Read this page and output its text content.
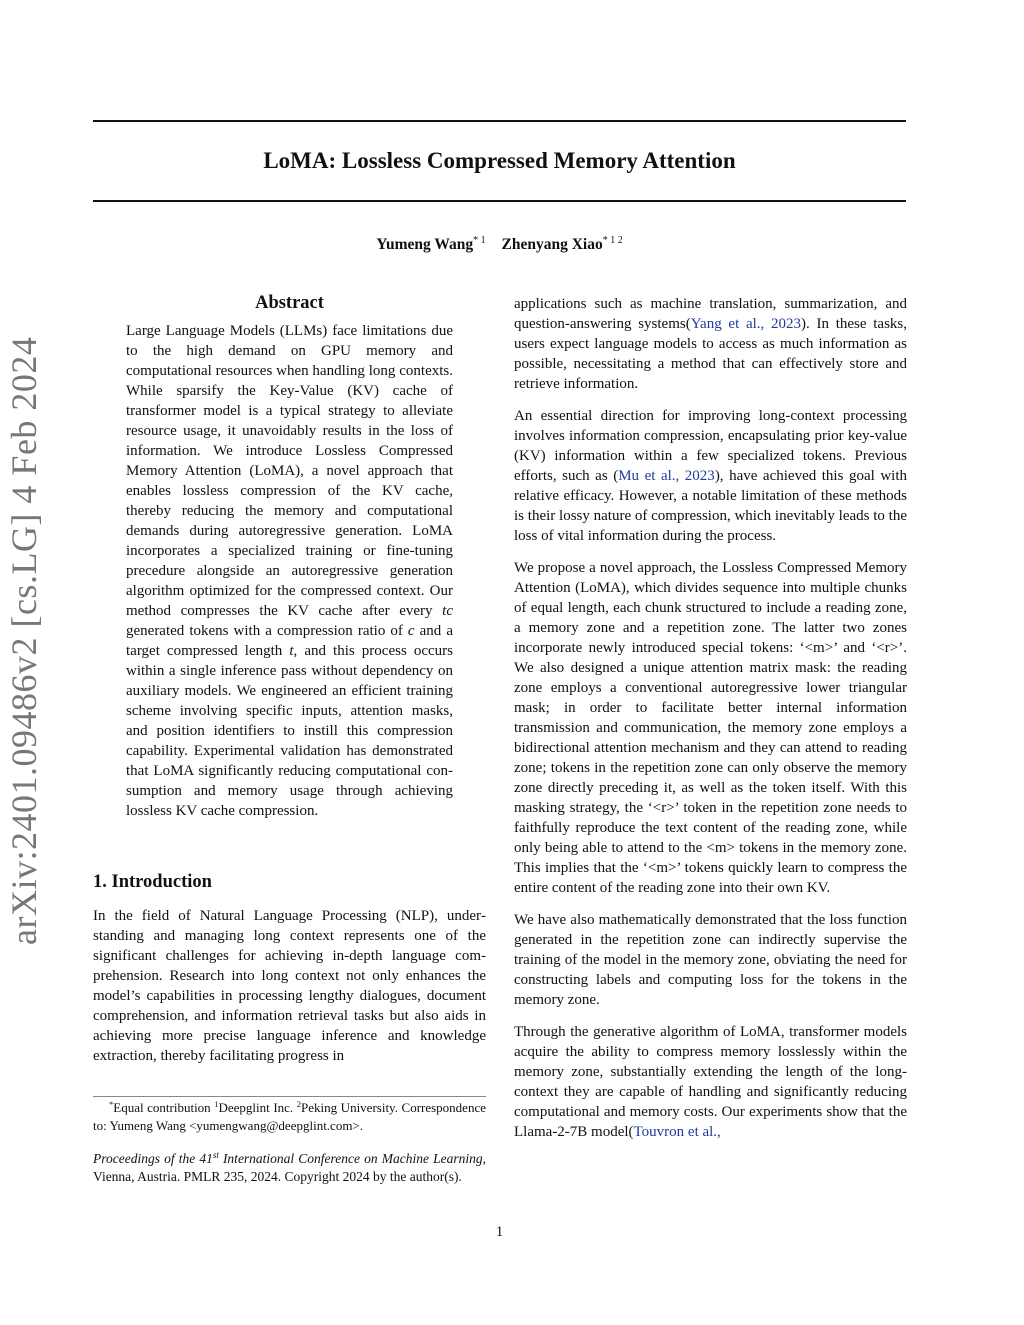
LoMA: Lossless Compressed Memory Attention
Yumeng Wang$^{* 1}$ Zhenyang Xiao$^{* 1 2}$
arXiv:2401.09486v2 [cs.LG] 4 Feb 2024
Abstract

Large Language Models (LLMs) face limitations due to the high demand on GPU memory and computational resources when handling long contexts. While sparsify the Key-Value (KV) cache of transformer model is a typical strategy to alleviate resource usage, it unavoidably results in the loss of information. We introduce Lossless Compressed Memory Attention (LoMA), a novel approach that enables lossless compression of the KV cache, thereby reducing the memory and computational demands during autoregressive generation. LoMA incorporates a specialized training or fine-tuning precedure alongside an autoregressive generation algorithm optimized for the compressed context. Our method compresses the KV cache after every tc generated tokens with a compression ratio of c and a target compressed length t, and this process occurs within a single inference pass without dependency on auxiliary models. We engineered an efficient training scheme involving specific inputs, attention masks, and position identifiers to instill this compression capability. Experimental validation has demonstrated that LoMA significantly reducing computational consumption and memory usage through achieving lossless KV cache compression.

1. Introduction

In the field of Natural Language Processing (NLP), understanding and managing long context represents one of the significant challenges for achieving in-depth language comprehension. Research into long context not only enhances the model’s capabilities in processing lengthy dialogues, document comprehension, and information retrieval tasks but also aids in achieving more precise language inference and knowledge extraction, thereby facilitating progress in

*Equal contribution $^1$Deepglint Inc. $^2$Peking University. Correspondence to: Yumeng Wang <yumengwang@deepglint.com>.

Proceedings of the 41st International Conference on Machine Learning, Vienna, Austria. PMLR 235, 2024. Copyright 2024 by the author(s).

applications such as machine translation, summarization, and question-answering systems(Yang et al., 2023). In these tasks, users expect language models to access as much information as possible, necessitating a method that can effectively store and retrieve information.

An essential direction for improving long-context processing involves information compression, encapsulating prior key-value (KV) information within a few specialized tokens. Previous efforts, such as (Mu et al., 2023), have achieved this goal with relative efficacy. However, a notable limitation of these methods is their lossy nature of compression, which inevitably leads to the loss of vital information during the process.

We propose a novel approach, the Lossless Compressed Memory Attention (LoMA), which divides sequence into multiple chunks of equal length, each chunk structured to include a reading zone, a memory zone and a repetition zone. The latter two zones incorporate newly introduced special tokens: ‘<m>’ and ‘<r>’. We also designed a unique attention matrix mask: the reading zone employs a conventional autoregressive lower triangular mask; in order to facilitate better internal information transmission and communication, the memory zone employs a bidirectional attention mechanism and they can attend to reading zone; tokens in the repetition zone can only observe the memory zone directly preceding it, as well as the token itself. With this masking strategy, the ‘<r>’ token in the repetition zone needs to faithfully reproduce the text content of the reading zone, while only being able to attend to the <m> tokens in the memory zone. This implies that the ‘<m>’ tokens quickly learn to compress the entire content of the reading zone into their own KV.

We have also mathematically demonstrated that the loss function generated in the repetition zone can indirectly supervise the training of the model in the memory zone, obviating the need for constructing labels and computing loss for the tokens in the memory zone.

Through the generative algorithm of LoMA, transformer models acquire the ability to compress memory losslessly within the memory zone, substantially extending the length of the long-context they are capable of handling and significantly reducing computational and memory costs. Our experiments show that the Llama-2-7B model(Touvron et al.,

1
